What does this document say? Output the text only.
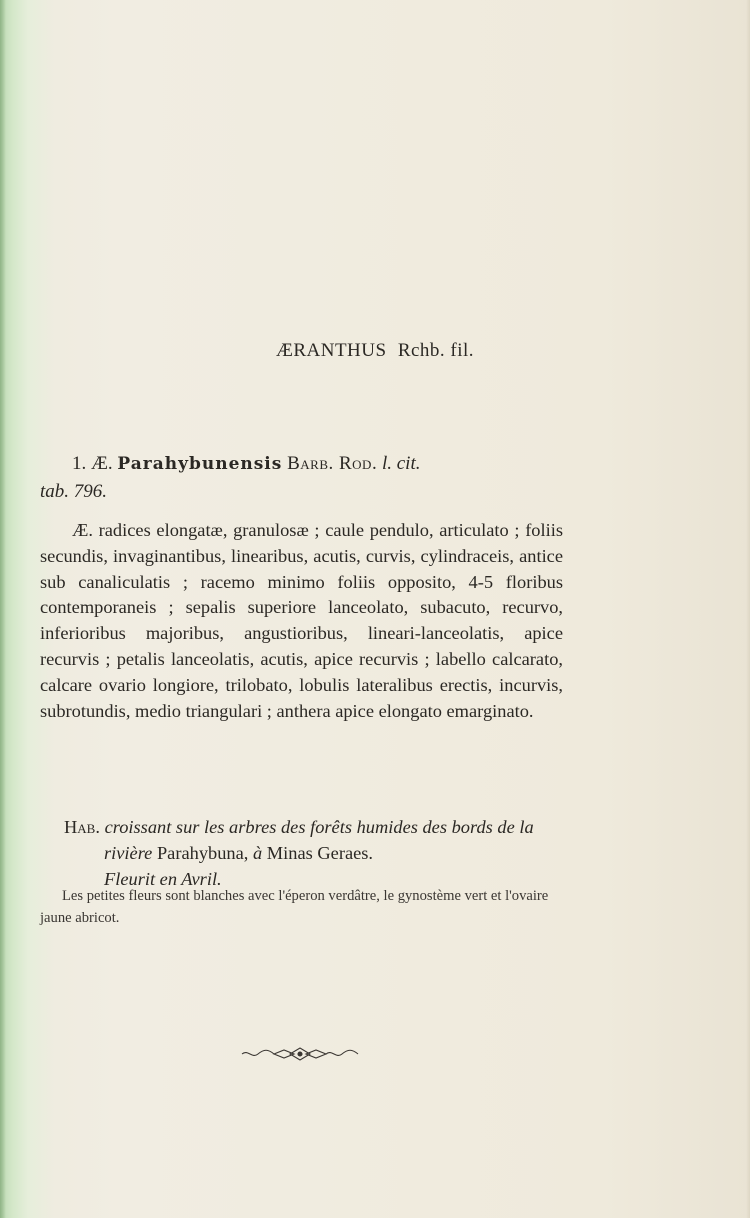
ÆRANTHUS Rchb. fil.
1. Æ. Parahybunensis Barb. Rod. l. cit.
tab. 796.
Æ. radices elongatæ, granulosæ ; caule pendulo, articulato ; foliis secundis, invaginantibus, linearibus, acutis, curvis, cylindraceis, antice sub canaliculatis ; racemo minimo foliis opposito, 4-5 floribus contemporaneis ; sepalis superiore lanceolato, subacuto, recurvo, inferioribus majoribus, angustioribus, lineari-lanceolatis, apice recurvis ; petalis lanceolatis, acutis, apice recurvis ; labello calcarato, calcare ovario longiore, trilobato, lobulis lateralibus erectis, incurvis, subrotundis, medio triangulari ; anthera apice elongato emarginato.

Hab. croissant sur les arbres des forêts humides des bords de la rivière Parahybuna, à Minas Geraes.
Fleurit en Avril.

Les petites fleurs sont blanches avec l'éperon verdâtre, le gynostème vert et l'ovaire jaune abricot.
